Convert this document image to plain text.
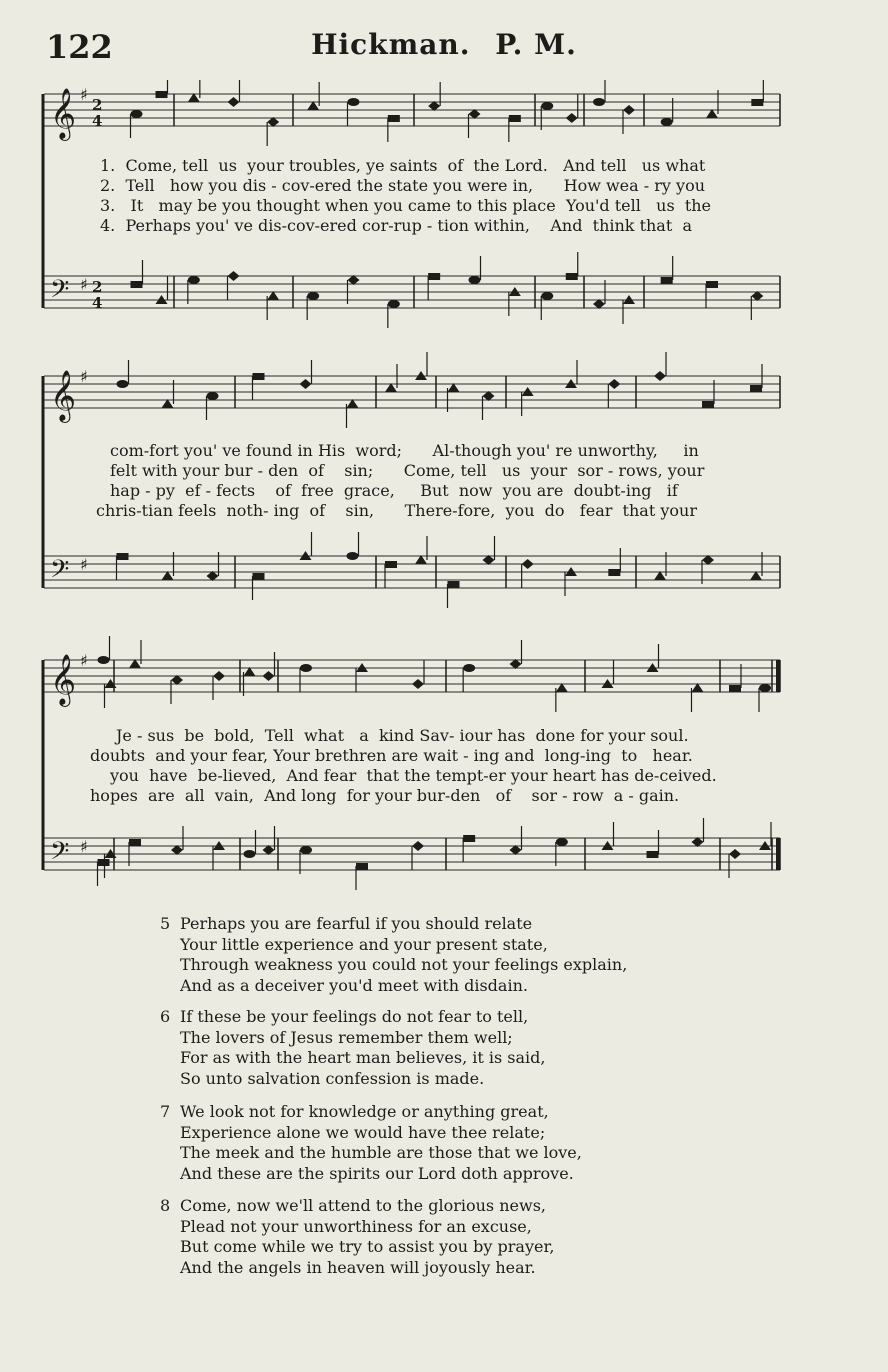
122	Hickman. P. M.
𝄞 ♯
2
4
𝄢 ♯ 2
4
1.  Come, tell  us  your troubles, ye saints  of  the Lord.   And tell   us what
2.  Tell   how you dis - cov-ered the state you were in,      How wea - ry you
3.   It   may be you thought when you came to this place  You'd tell   us  the
4.  Perhaps you' ve dis-cov-ered cor-rup - tion within,    And  think that  a
𝄞 ♯
𝄢 ♯
com-fort you' ve found in His  word;      Al-though you' re unworthy,     in
felt with your bur - den  of    sin;      Come, tell   us  your  sor - rows, your
hap - py  ef - fects    of  free  grace,     But  now  you are  doubt-ing   if
chris-tian feels  noth- ing  of    sin,      There-fore,  you  do   fear  that your
𝄞 ♯
𝄢 ♯
Je - sus  be  bold,  Tell  what   a  kind Sav- iour has  done for your soul.
doubts  and your fear, Your brethren are wait - ing and  long-ing  to   hear.
you  have  be-lieved,  And fear  that the tempt-er your heart has de-ceived.
hopes  are  all  vain,  And long  for your bur-den   of    sor - row  a - gain.
5 Perhaps you are fearful if you should relate
Your little experience and your present state,
Through weakness you could not your feelings explain,
And as a deceiver you'd meet with disdain.
6 If these be your feelings do not fear to tell,
The lovers of Jesus remember them well;
For as with the heart man believes, it is said,
So unto salvation confession is made.
7 We look not for knowledge or anything great,
Experience alone we would have thee relate;
The meek and the humble are those that we love,
And these are the spirits our Lord doth approve.
8 Come, now we'll attend to the glorious news,
Plead not your unworthiness for an excuse,
But come while we try to assist you by prayer,
And the angels in heaven will joyously hear.
